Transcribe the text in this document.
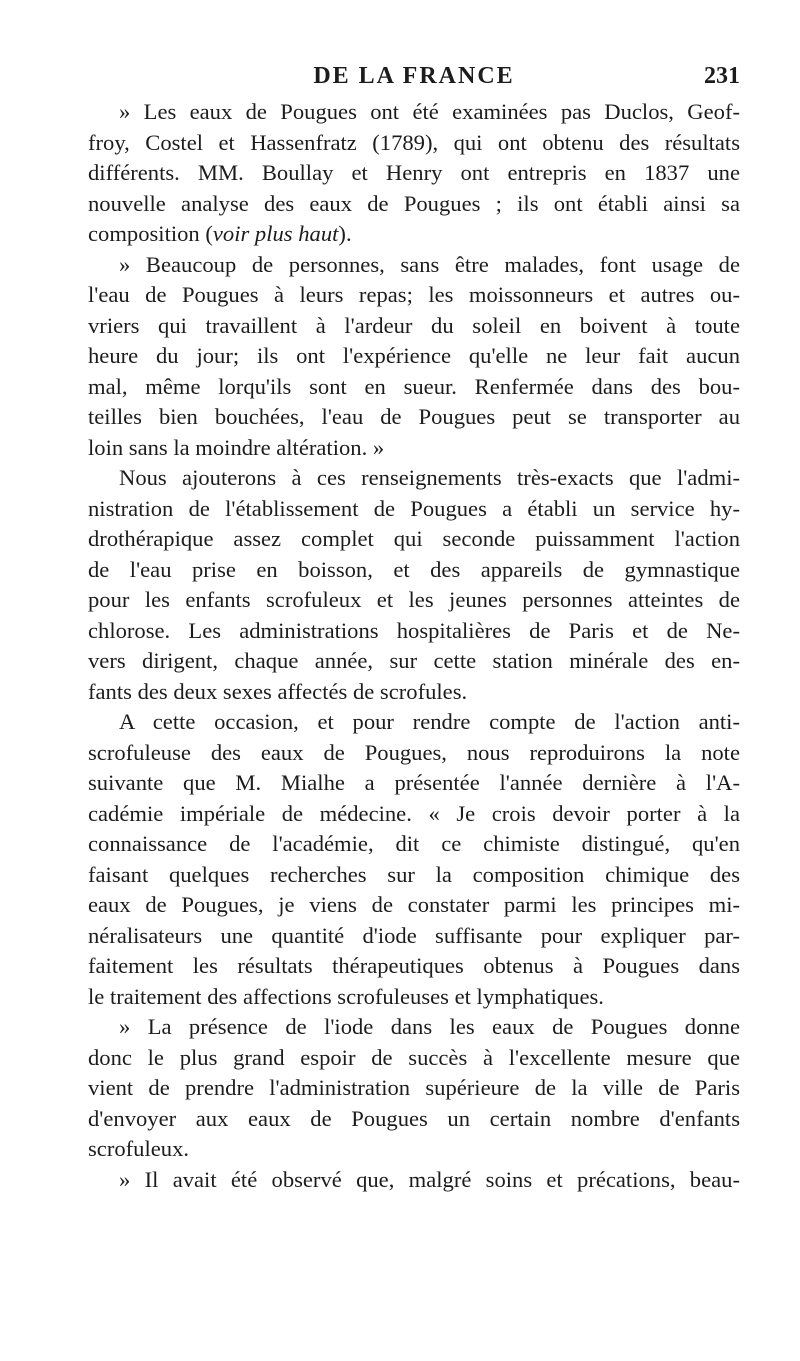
DE LA FRANCE	231
» Les eaux de Pougues ont été examinées pas Duclos, Geof-
froy, Costel et Hassenfratz (1789), qui ont obtenu des résultats
différents. MM. Boullay et Henry ont entrepris en 1837 une
nouvelle analyse des eaux de Pougues ; ils ont établi ainsi sa
composition (voir plus haut).
» Beaucoup de personnes, sans être malades, font usage de
l'eau de Pougues à leurs repas; les moissonneurs et autres ou-
vriers qui travaillent à l'ardeur du soleil en boivent à toute
heure du jour; ils ont l'expérience qu'elle ne leur fait aucun
mal, même lorqu'ils sont en sueur. Renfermée dans des bou-
teilles bien bouchées, l'eau de Pougues peut se transporter au
loin sans la moindre altération. »
Nous ajouterons à ces renseignements très-exacts que l'admi-
nistration de l'établissement de Pougues a établi un service hy-
drothérapique assez complet qui seconde puissamment l'action
de l'eau prise en boisson, et des appareils de gymnastique
pour les enfants scrofuleux et les jeunes personnes atteintes de
chlorose. Les administrations hospitalières de Paris et de Ne-
vers dirigent, chaque année, sur cette station minérale des en-
fants des deux sexes affectés de scrofules.
A cette occasion, et pour rendre compte de l'action anti-
scrofuleuse des eaux de Pougues, nous reproduirons la note
suivante que M. Mialhe a présentée l'année dernière à l'A-
cadémie impériale de médecine. « Je crois devoir porter à la
connaissance de l'académie, dit ce chimiste distingué, qu'en
faisant quelques recherches sur la composition chimique des
eaux de Pougues, je viens de constater parmi les principes mi-
néralisateurs une quantité d'iode suffisante pour expliquer par-
faitement les résultats thérapeutiques obtenus à Pougues dans
le traitement des affections scrofuleuses et lymphatiques.
» La présence de l'iode dans les eaux de Pougues donne
donc le plus grand espoir de succès à l'excellente mesure que
vient de prendre l'administration supérieure de la ville de Paris
d'envoyer aux eaux de Pougues un certain nombre d'enfants
scrofuleux.
» Il avait été observé que, malgré soins et précations, beau-
